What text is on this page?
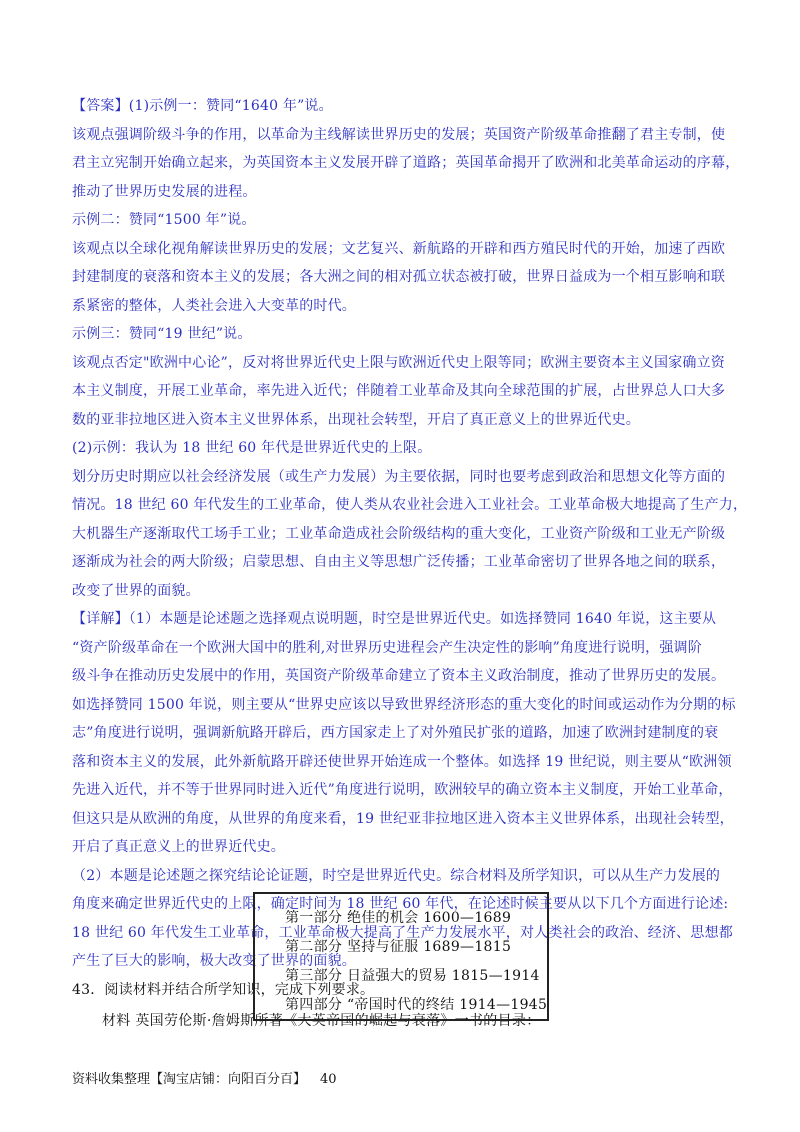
【答案】(1)示例一：赞同“1640 年”说。
该观点强调阶级斗争的作用，以革命为主线解读世界历史的发展；英国资产阶级革命推翻了君主专制，使
君主立宪制开始确立起来，为英国资本主义发展开辟了道路；英国革命揭开了欧洲和北美革命运动的序幕，
推动了世界历史发展的进程。
示例二：赞同“1500 年”说。
该观点以全球化视角解读世界历史的发展；文艺复兴、新航路的开辟和西方殖民时代的开始，加速了西欧
封建制度的衰落和资本主义的发展；各大洲之间的相对孤立状态被打破，世界日益成为一个相互影响和联
系紧密的整体，人类社会进入大变革的时代。
示例三：赞同“19 世纪”说。
该观点否定"欧洲中心论”，反对将世界近代史上限与欧洲近代史上限等同；欧洲主要资本主义国家确立资
本主义制度，开展工业革命，率先进入近代；伴随着工业革命及其向全球范围的扩展，占世界总人口大多
数的亚非拉地区进入资本主义世界体系，出现社会转型，开启了真正意义上的世界近代史。
(2)示例：我认为 18 世纪 60 年代是世界近代史的上限。
划分历史时期应以社会经济发展（或生产力发展）为主要依据，同时也要考虑到政治和思想文化等方面的
情况。18 世纪 60 年代发生的工业革命，使人类从农业社会进入工业社会。工业革命极大地提高了生产力，
大机器生产逐渐取代工场手工业；工业革命造成社会阶级结构的重大变化，工业资产阶级和工业无产阶级
逐渐成为社会的两大阶级；启蒙思想、自由主义等思想广泛传播；工业革命密切了世界各地之间的联系，
改变了世界的面貌。
【详解】（1）本题是论述题之选择观点说明题，时空是世界近代史。如选择赞同 1640 年说，这主要从
“资产阶级革命在一个欧洲大国中的胜利,对世界历史进程会产生决定性的影响”角度进行说明，强调阶
级斗争在推动历史发展中的作用，英国资产阶级革命建立了资本主义政治制度，推动了世界历史的发展。
如选择赞同 1500 年说，则主要从“世界史应该以导致世界经济形态的重大变化的时间或运动作为分期的标
志”角度进行说明，强调新航路开辟后，西方国家走上了对外殖民扩张的道路，加速了欧洲封建制度的衰
落和资本主义的发展，此外新航路开辟还使世界开始连成一个整体。如选择 19 世纪说，则主要从“欧洲领
先进入近代，并不等于世界同时进入近代”角度进行说明，欧洲较早的确立资本主义制度，开始工业革命，
但这只是从欧洲的角度，从世界的角度来看，19 世纪亚非拉地区进入资本主义世界体系，出现社会转型，
开启了真正意义上的世界近代史。
（2）本题是论述题之探究结论论证题，时空是世界近代史。综合材料及所学知识，可以从生产力发展的
角度来确定世界近代史的上限，确定时间为 18 世纪 60 年代，在论述时候主要从以下几个方面进行论述:
18 世纪 60 年代发生工业革命，工业革命极大提高了生产力发展水平，对人类社会的政治、经济、思想都
产生了巨大的影响，极大改变了世界的面貌。
43．阅读材料并结合所学知识，完成下列要求。
材料 英国劳伦斯·詹姆斯所著《大英帝国的崛起与衰落》一书的目录：
第一部分 绝佳的机会 1600—1689
第二部分 坚持与征服 1689—1815
第三部分 日益强大的贸易 1815—1914
第四部分 “帝国时代的终结 1914—1945
资料收集整理【淘宝店铺：向阳百分百】 40
